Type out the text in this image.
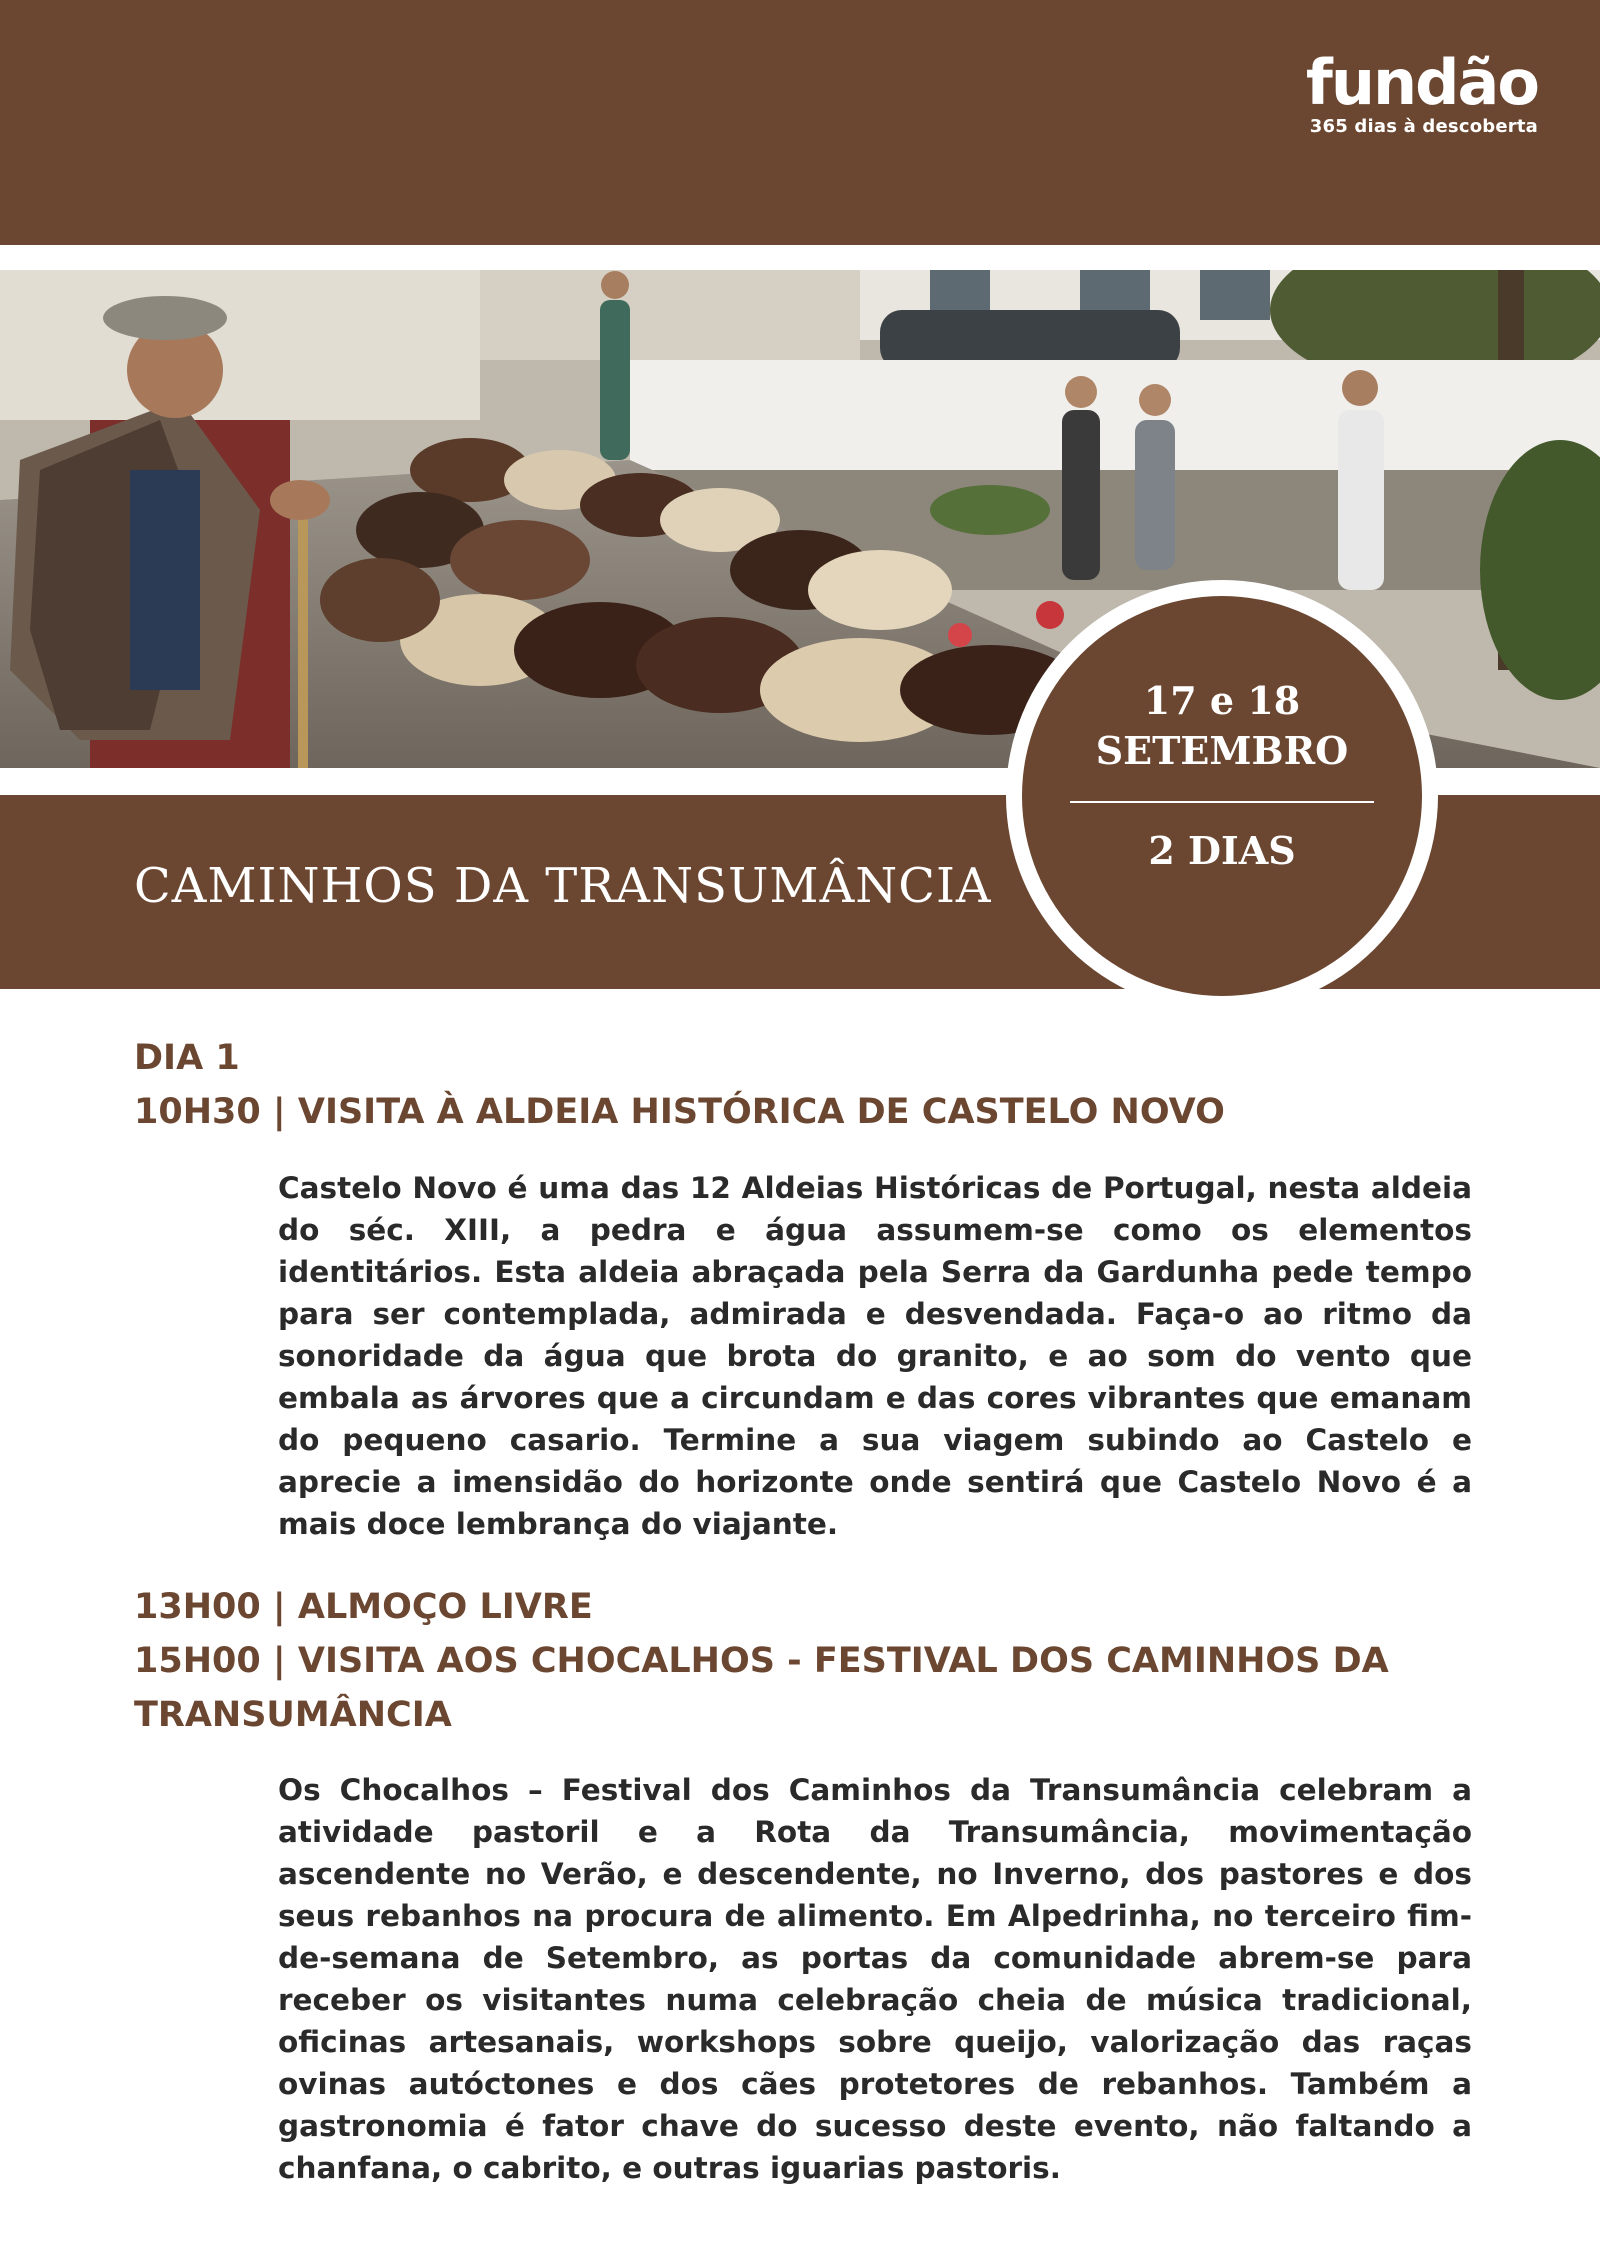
fundão
365 dias à descoberta
CAMINHOS DA TRANSUMÂNCIA
17 e 18
SETEMBRO
2 DIAS
DIA 1
10H30 | VISITA À ALDEIA HISTÓRICA DE CASTELO NOVO
Castelo Novo é uma das 12 Aldeias Históricas de Portugal, nesta aldeia do séc. XIII, a pedra e água assumem-se como os elementos identitários. Esta aldeia abraçada pela Serra da Gardunha pede tempo para ser contemplada, admirada e desvendada. Faça-o ao ritmo da sonoridade da água que brota do granito, e ao som do vento que embala as árvores que a circundam e das cores vibrantes que emanam do pequeno casario. Termine a sua viagem subindo ao Castelo e aprecie a imensidão do horizonte onde sentirá que Castelo Novo é a mais doce lembrança do viajante.
13H00 | ALMOÇO LIVRE
15H00 | VISITA AOS CHOCALHOS - FESTIVAL DOS CAMINHOS DA
TRANSUMÂNCIA
Os Chocalhos – Festival dos Caminhos da Transumância celebram a atividade pastoril e a Rota da Transumância, movimentação ascendente no Verão, e descendente, no Inverno, dos pastores e dos seus rebanhos na procura de alimento. Em Alpedrinha, no terceiro fim-de-semana de Setembro, as portas da comunidade abrem-se para receber os visitantes numa celebração cheia de música tradicional, oficinas artesanais, workshops sobre queijo, valorização das raças ovinas autóctones e dos cães protetores de rebanhos. Também a gastronomia é fator chave do sucesso deste evento, não faltando a chanfana, o cabrito, e outras iguarias pastoris.
